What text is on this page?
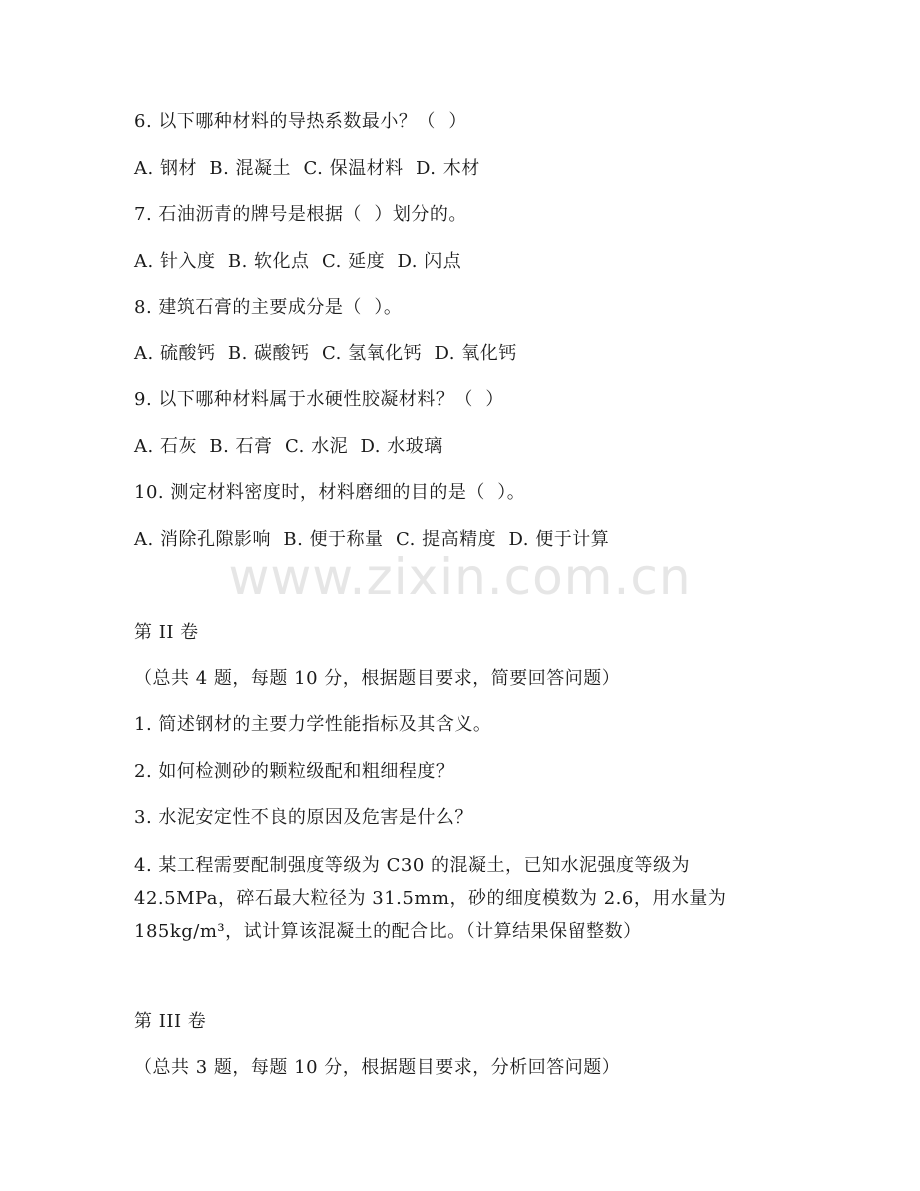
6. 以下哪种材料的导热系数最小？（  ）
A. 钢材  B. 混凝土  C. 保温材料  D. 木材
7. 石油沥青的牌号是根据（  ）划分的。
A. 针入度  B. 软化点  C. 延度  D. 闪点
8. 建筑石膏的主要成分是（  ）。
A. 硫酸钙  B. 碳酸钙  C. 氢氧化钙  D. 氧化钙
9. 以下哪种材料属于水硬性胶凝材料？（  ）
A. 石灰  B. 石膏  C. 水泥  D. 水玻璃
10. 测定材料密度时，材料磨细的目的是（  ）。
A. 消除孔隙影响  B. 便于称量  C. 提高精度  D. 便于计算
www.zixin.com.cn
第 II 卷
（总共 4 题，每题 10 分，根据题目要求，简要回答问题）
1. 简述钢材的主要力学性能指标及其含义。
2. 如何检测砂的颗粒级配和粗细程度？
3. 水泥安定性不良的原因及危害是什么？
4. 某工程需要配制强度等级为 C30 的混凝土，已知水泥强度等级为 42.5MPa，碎石最大粒径为 31.5mm，砂的细度模数为 2.6，用水量为 185kg/m³，试计算该混凝土的配合比。（计算结果保留整数）
第 III 卷
（总共 3 题，每题 10 分，根据题目要求，分析回答问题）
